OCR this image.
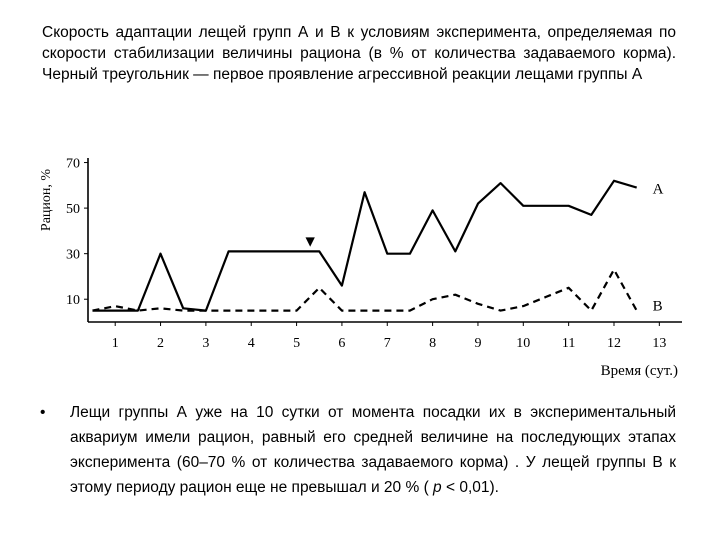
Скорость адаптации лещей групп А и В к условиям эксперимента, определяемая по скорости стабилизации величины рациона (в % от количества задаваемого корма). Черный треугольник — первое проявление агрессивной реакции лещами группы А
10
30
50
70
1	2	3	4	5	6	7	8	9 10 11 12 13
Рацион, %
Время (сут.)
А
В
▼
• Лещи группы А уже на 10 сутки от момента посадки их в экспериментальный аквариум имели рацион, равный его средней величине на последующих этапах эксперимента (60–70 % от количества задаваемого корма) . У лещей группы В к этому периоду рацион еще не превышал и 20 % ( р < 0,01).
